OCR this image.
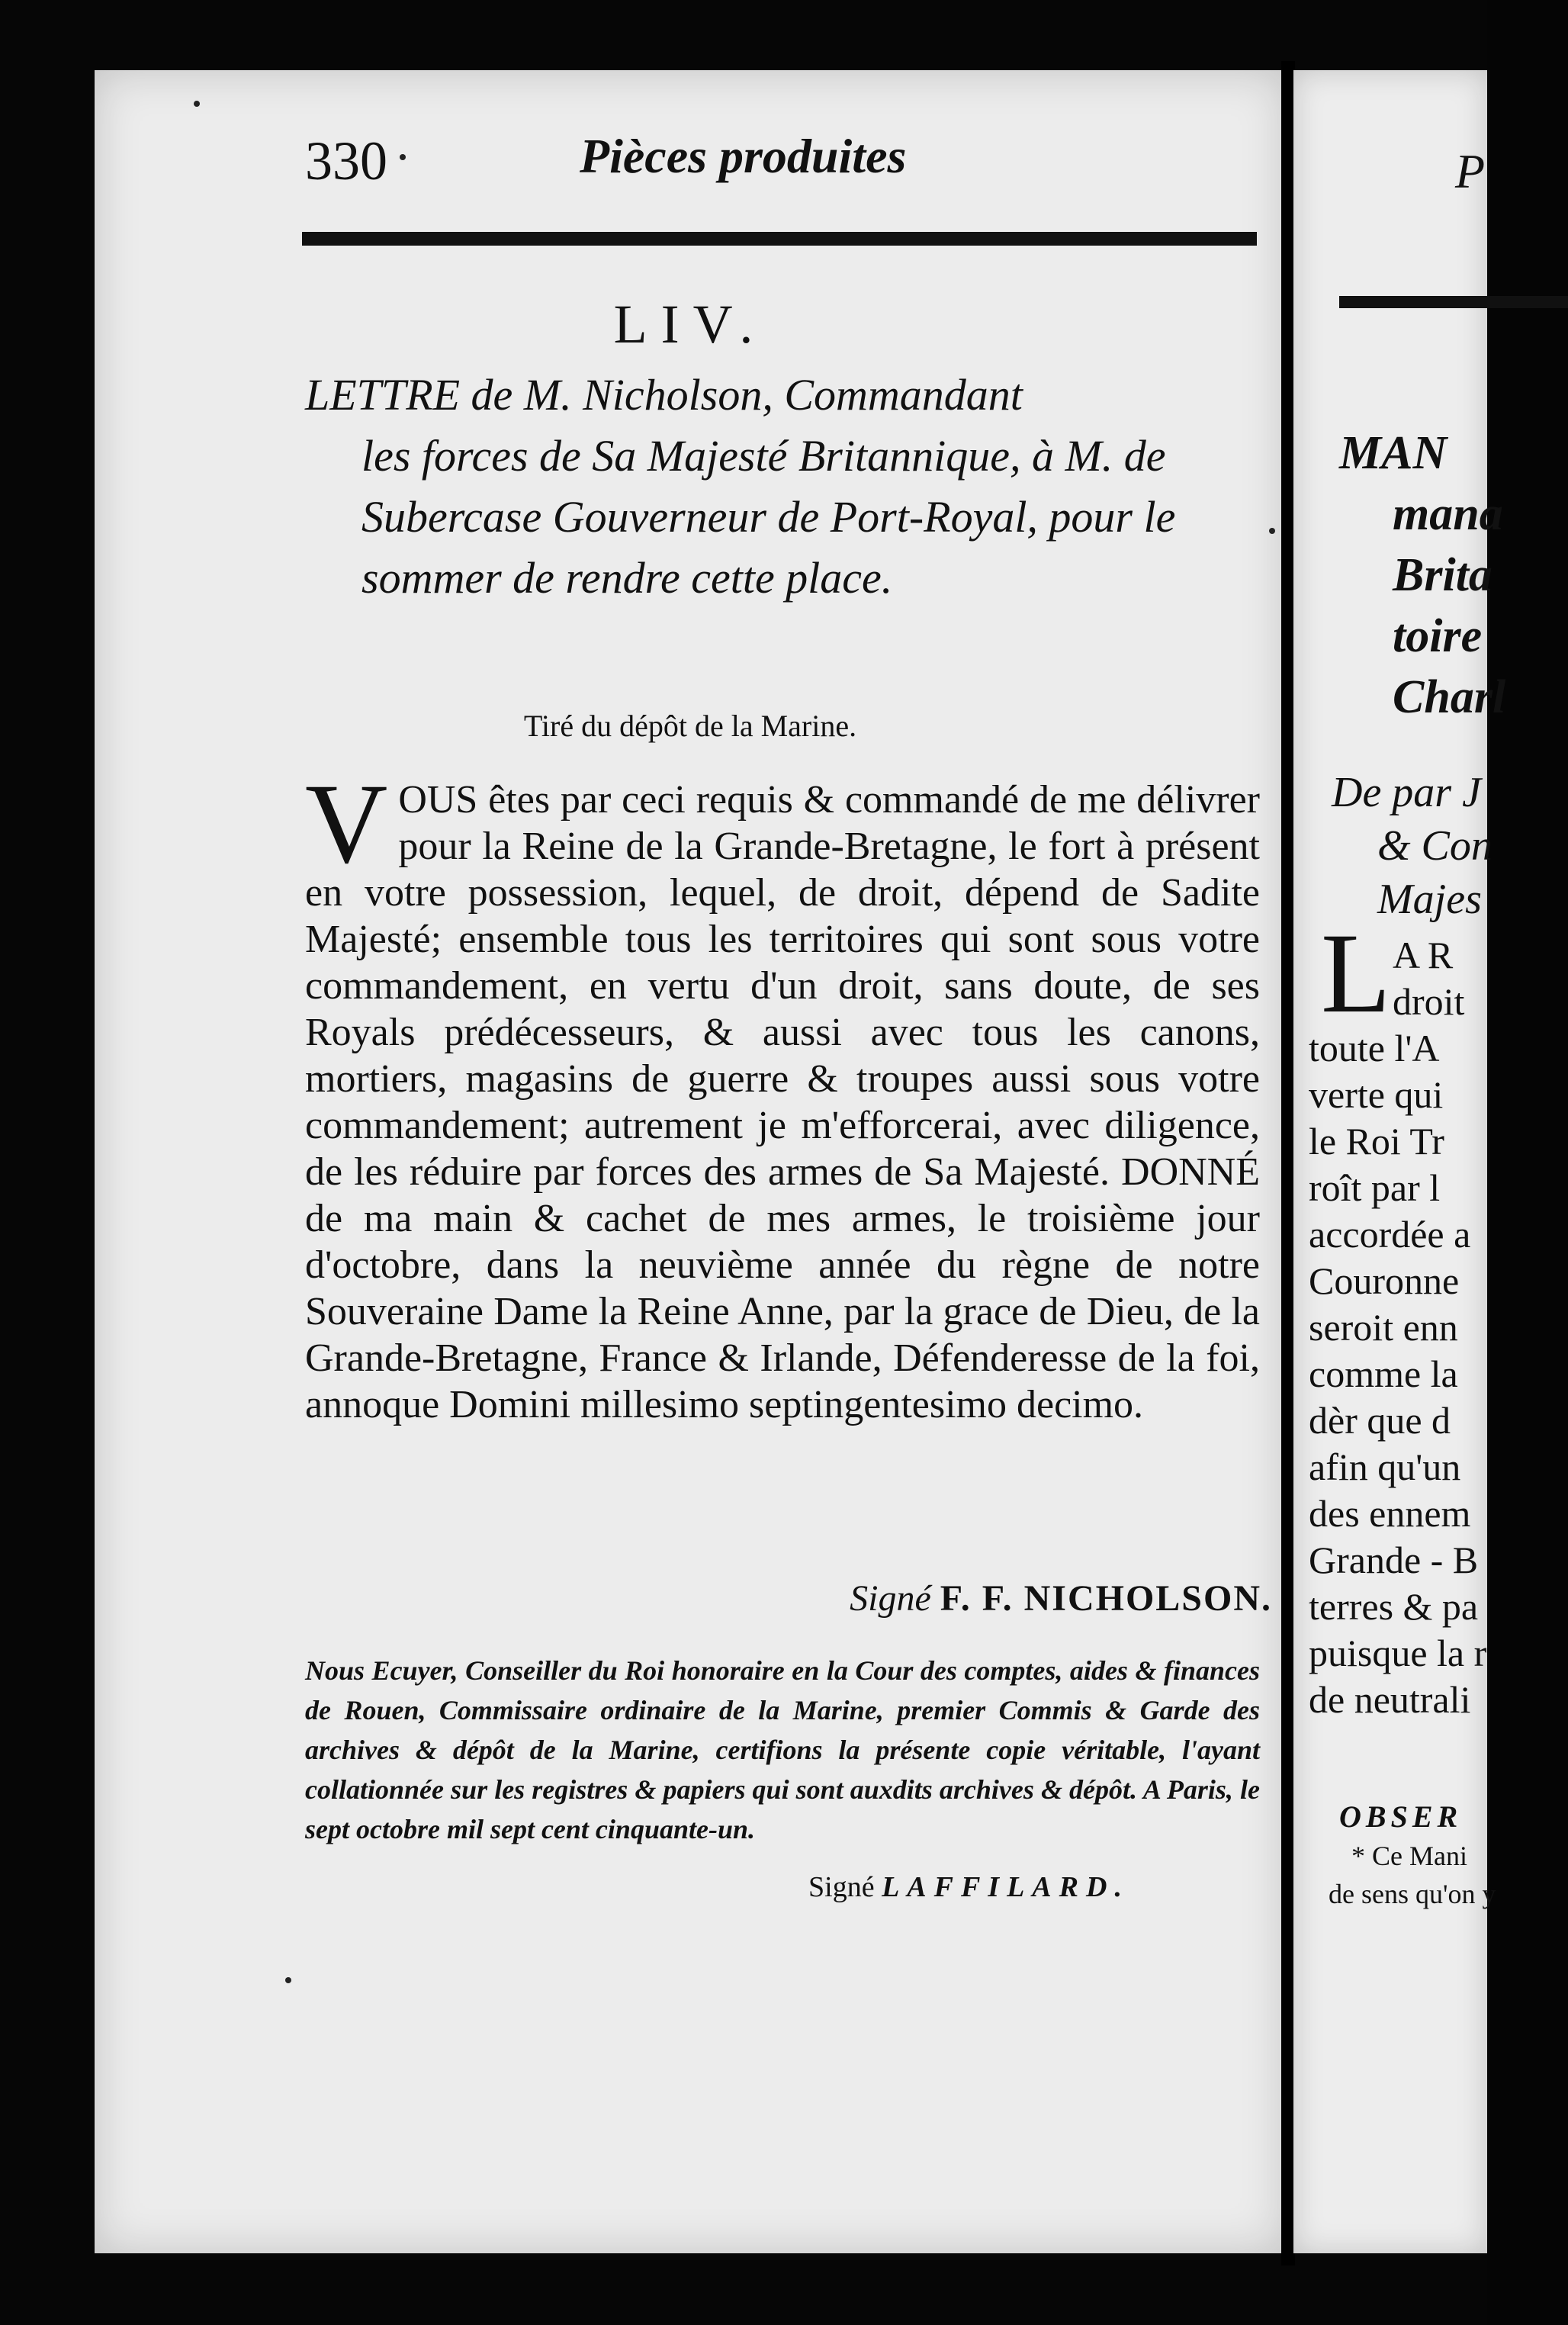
330	Pièces produites
LIV.
LETTRE de M. Nicholson, Commandant
les forces de Sa Majesté Britannique, à M. de Subercase Gouverneur de Port-Royal, pour le sommer de rendre cette place.
Tiré du dépôt de la Marine.
V OUS êtes par ceci requis & commandé de me délivrer pour la Reine de la Grande-Bretagne, le fort à présent en votre possession, lequel, de droit, dépend de Sadite Majesté; ensemble tous les territoires qui sont sous votre commandement, en vertu d'un droit, sans doute, de ses Royals prédécesseurs, & aussi avec tous les canons, mortiers, magasins de guerre & troupes aussi sous votre commandement; autrement je m'efforcerai, avec diligence, de les réduire par forces des armes de Sa Majesté. DONNÉ de ma main & cachet de mes armes, le troisième jour d'octobre, dans la neuvième année du règne de notre Souveraine Dame la Reine Anne, par la grace de Dieu, de la Grande-Bretagne, France & Irlande, Défenderesse de la foi, annoque Domini millesimo septingentesimo decimo.
Signé F. F. NICHOLSON.
Nous Ecuyer, Conseiller du Roi honoraire en la Cour des comptes, aides & finances de Rouen, Commissaire ordinaire de la Marine, premier Commis & Garde des archives & dépôt de la Marine, certifions la présente copie véritable, l'ayant collationnée sur les registres & papiers qui sont auxdits archives & dépôt. A Paris, le sept octobre mil sept cent cinquante-un.
Signé LAFFILARD.
P
MAN
mana
Brita
toire
Charl
De par J
& Con
Majes
L A R
droit
toute l'A
verte qui
le Roi Tr
roît par l
accordée a
Couronne
seroit enn
comme la
dèr que d
afin qu'un
des ennem
Grande - B
terres & pa
puisque la r
de neutrali
OBSER
* Ce Mani
de sens qu'on y
